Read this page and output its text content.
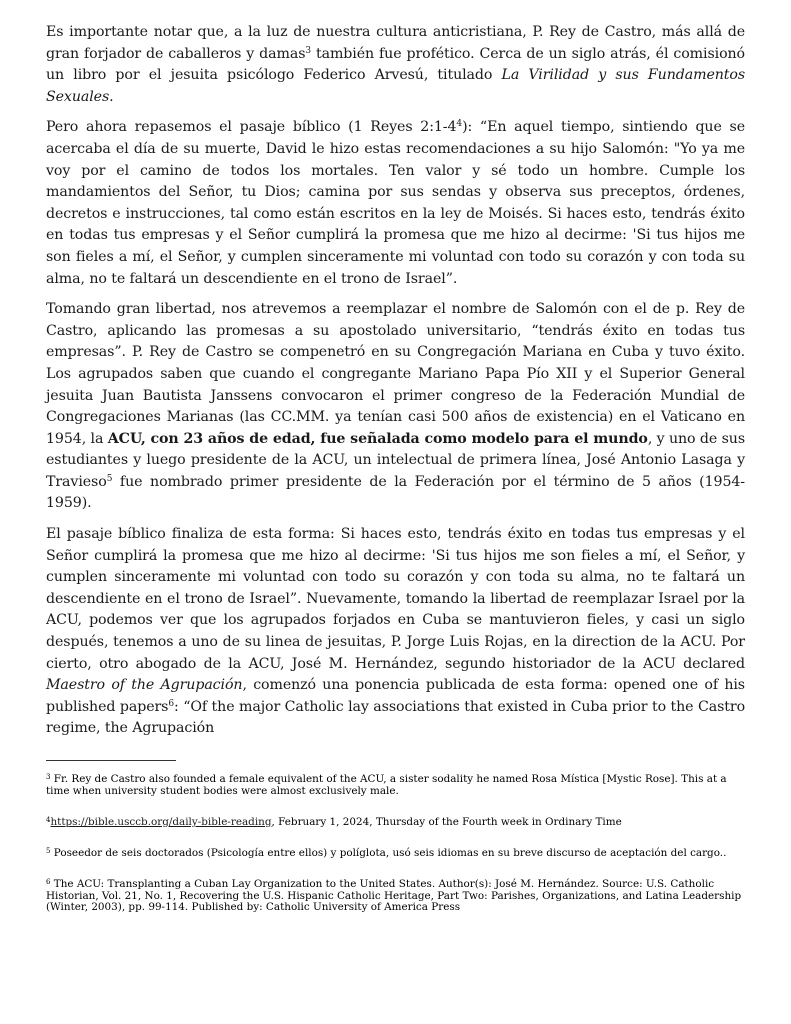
Es importante notar que, a la luz de nuestra cultura anticristiana, P. Rey de Castro, más allá de gran forjador de caballeros y damas$^3$ también fue profético. Cerca de un siglo atrás, él comisionó un libro por el jesuita psicólogo Federico Arvesú, titulado La Virilidad y sus Fundamentos Sexuales.

Pero ahora repasemos el pasaje bíblico (1 Reyes $2:1-4^4$): “En aquel tiempo, sintiendo que se acercaba el día de su muerte, David le hizo estas recomendaciones a su hijo Salomón: "Yo ya me voy por el camino de todos los mortales. Ten valor y sé todo un hombre. Cumple los mandamientos del Señor, tu Dios; camina por sus sendas y observa sus preceptos, órdenes, decretos e instrucciones, tal como están escritos en la ley de Moisés. Si haces esto, tendrás éxito en todas tus empresas y el Señor cumplirá la promesa que me hizo al decirme: 'Si tus hijos me son fieles a mí, el Señor, y cumplen sinceramente mi voluntad con todo su corazón y con toda su alma, no te faltará un descendiente en el trono de Israel”.

Tomando gran libertad, nos atrevemos a reemplazar el nombre de Salomón con el de p. Rey de Castro, aplicando las promesas a su apostolado universitario, “tendrás éxito en todas tus empresas”. P. Rey de Castro se compenetró en su Congregación Mariana en Cuba y tuvo éxito. Los agrupados saben que cuando el congregante Mariano Papa Pío XII y el Superior General jesuita Juan Bautista Janssens convocaron el primer congreso de la Federación Mundial de Congregaciones Marianas (las CC.MM. ya tenían casi 500 años de existencia) en el Vaticano en 1954, la ACU, con 23 años de edad, fue señalada como modelo para el mundo, y uno de sus estudiantes y luego presidente de la ACU, un intelectual de primera línea, José Antonio Lasaga y Travieso$^5$ fue nombrado primer presidente de la Federación por el término de 5 años (1954-1959).

El pasaje bíblico finaliza de esta forma: Si haces esto, tendrás éxito en todas tus empresas y el Señor cumplirá la promesa que me hizo al decirme: 'Si tus hijos me son fieles a mí, el Señor, y cumplen sinceramente mi voluntad con todo su corazón y con toda su alma, no te faltará un descendiente en el trono de Israel”. Nuevamente, tomando la libertad de reemplazar Israel por la ACU, podemos ver que los agrupados forjados en Cuba se mantuvieron fieles, y casi un siglo después, tenemos a uno de su linea de jesuitas, P. Jorge Luis Rojas, en la direction de la ACU. Por cierto, otro abogado de la ACU, José M. Hernández, segundo historiador de la ACU declared Maestro of the Agrupación, comenzó una ponencia publicada de esta forma: opened one of his published papers$^6$: “Of the major Catholic lay associations that existed in Cuba prior to the Castro regime, the Agrupación

$^3$ Fr. Rey de Castro also founded a female equivalent of the ACU, a sister sodality he named Rosa Mística [Mystic Rose]. This at a time when university student bodies were almost exclusively male.

$^4$https://bible.usccb.org/daily-bible-reading, February 1, 2024, Thursday of the Fourth week in Ordinary Time

$^5$ Poseedor de seis doctorados (Psicología entre ellos) y políglota, usó seis idiomas en su breve discurso de aceptación del cargo..

$^6$ The ACU: Transplanting a Cuban Lay Organization to the United States. Author(s): José M. Hernández. Source: U.S. Catholic Historian, Vol. 21, No. 1, Recovering the U.S. Hispanic Catholic Heritage, Part Two: Parishes, Organizations, and Latina Leadership (Winter, 2003), pp. 99-114. Published by: Catholic University of America Press
